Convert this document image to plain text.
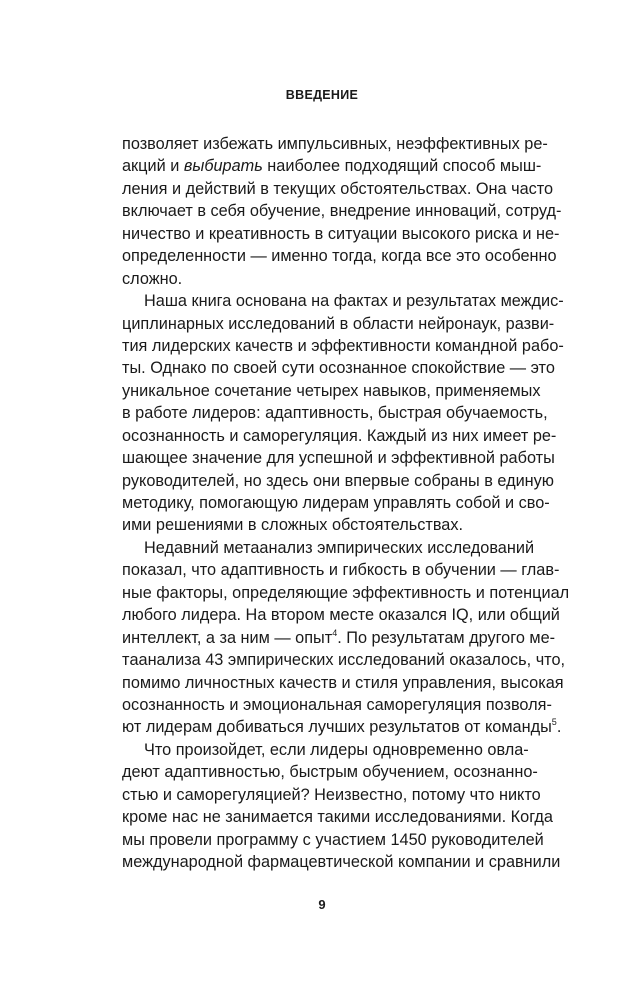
ВВЕДЕНИЕ
позволяет избежать импульсивных, неэффективных ре-
акций и выбирать наиболее подходящий способ мыш-
ления и действий в текущих обстоятельствах. Она часто
включает в себя обучение, внедрение инноваций, сотруд-
ничество и креативность в ситуации высокого риска и не-
определенности — именно тогда, когда все это особенно
сложно.
Наша книга основана на фактах и результатах междис-
циплинарных исследований в области нейронаук, разви-
тия лидерских качеств и эффективности командной рабо-
ты. Однако по своей сути осознанное спокойствие — это
уникальное сочетание четырех навыков, применяемых
в работе лидеров: адаптивность, быстрая обучаемость,
осознанность и саморегуляция. Каждый из них имеет ре-
шающее значение для успешной и эффективной работы
руководителей, но здесь они впервые собраны в единую
методику, помогающую лидерам управлять собой и сво-
ими решениями в сложных обстоятельствах.
Недавний метаанализ эмпирических исследований
показал, что адаптивность и гибкость в обучении — глав-
ные факторы, определяющие эффективность и потенциал
любого лидера. На втором месте оказался IQ, или общий
интеллект, а за ним — опыт$^4$. По результатам другого ме-
тaанализа 43 эмпирических исследований оказалось, что,
помимо личностных качеств и стиля управления, высокая
осознанность и эмоциональная саморегуляция позволя-
ют лидерам добиваться лучших результатов от команды$^5$.
Что произойдет, если лидеры одновременно овла-
деют адаптивностью, быстрым обучением, осознанно-
стью и саморегуляцией? Неизвестно, потому что никто
кроме нас не занимается такими исследованиями. Когда
мы провели программу с участием 1450 руководителей
международной фармацевтической компании и сравнили
9
